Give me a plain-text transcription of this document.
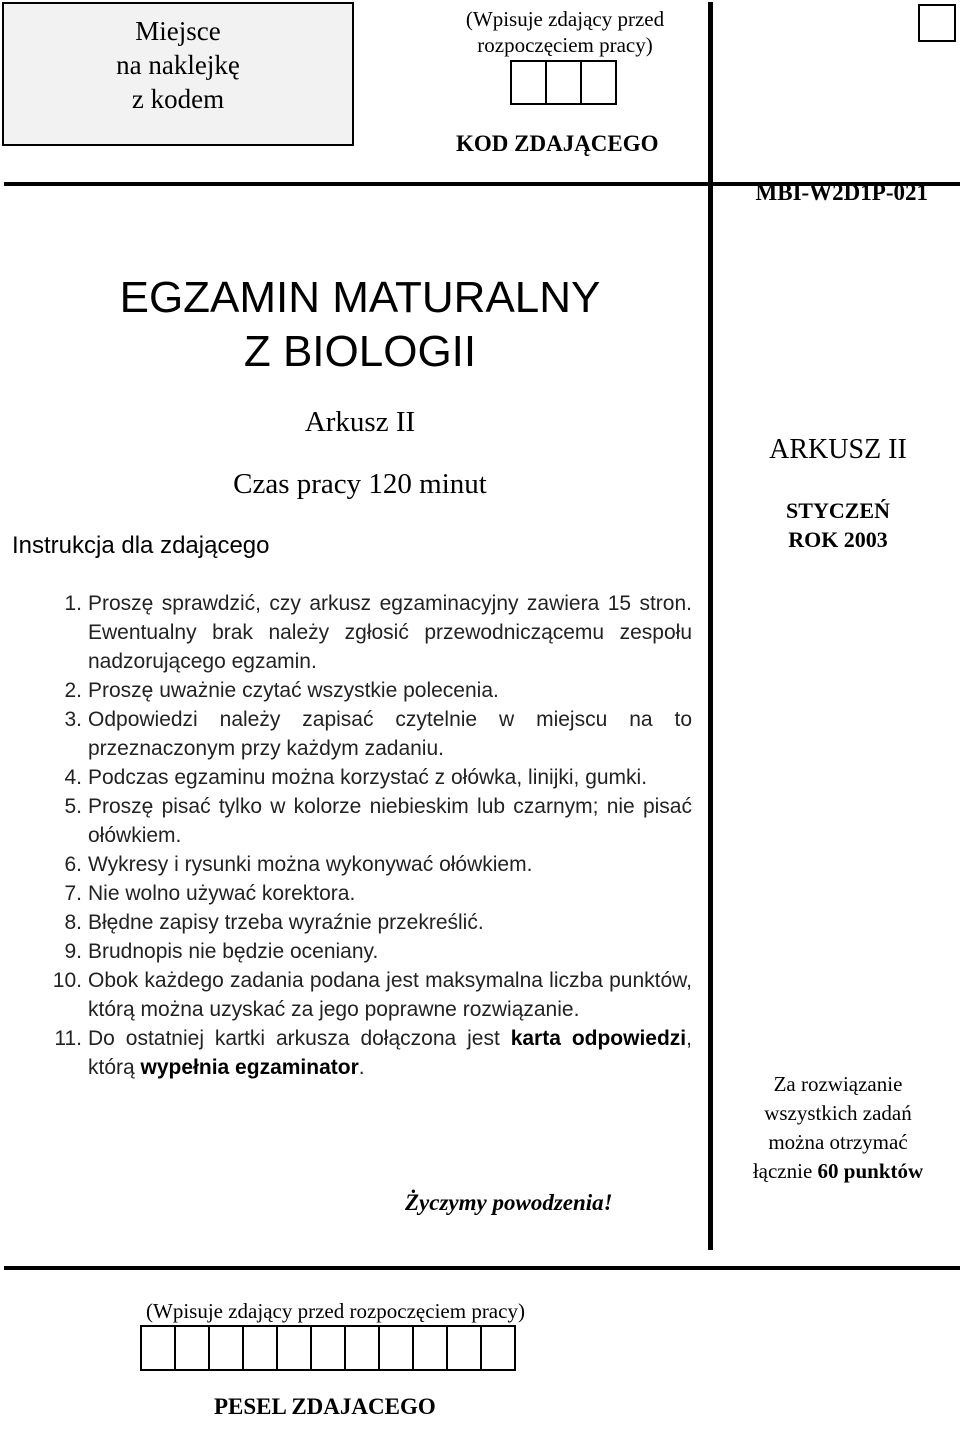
Miejsce
na naklejkę
z kodem
(Wpisuje zdający przed
rozpoczęciem pracy)
KOD ZDAJĄCEGO
MBI-W2D1P-021
EGZAMIN MATURALNY
Z BIOLOGII
Arkusz II
Czas pracy 120 minut
Instrukcja dla zdającego
ARKUSZ II
STYCZEŃ
ROK 2003
Za rozwiązanie
wszystkich zadań
można otrzymać
łącznie 60 punktów
1. Proszę sprawdzić, czy arkusz egzaminacyjny zawiera 15 stron. Ewentualny brak należy zgłosić przewodniczącemu zespołu nadzorującego egzamin.
2. Proszę uważnie czytać wszystkie polecenia.
3. Odpowiedzi należy zapisać czytelnie w miejscu na to przeznaczonym przy każdym zadaniu.
4. Podczas egzaminu można korzystać z ołówka, linijki, gumki.
5. Proszę pisać tylko w kolorze niebieskim lub czarnym; nie pisać ołówkiem.
6. Wykresy i rysunki można wykonywać ołówkiem.
7. Nie wolno używać korektora.
8. Błędne zapisy trzeba wyraźnie przekreślić.
9. Brudnopis nie będzie oceniany.
10. Obok każdego zadania podana jest maksymalna liczba punktów, którą można uzyskać za jego poprawne rozwiązanie.
11. Do ostatniej kartki arkusza dołączona jest karta odpowiedzi, którą wypełnia egzaminator.
Życzymy powodzenia!
(Wpisuje zdający przed rozpoczęciem pracy)
PESEL ZDAJACEGO
